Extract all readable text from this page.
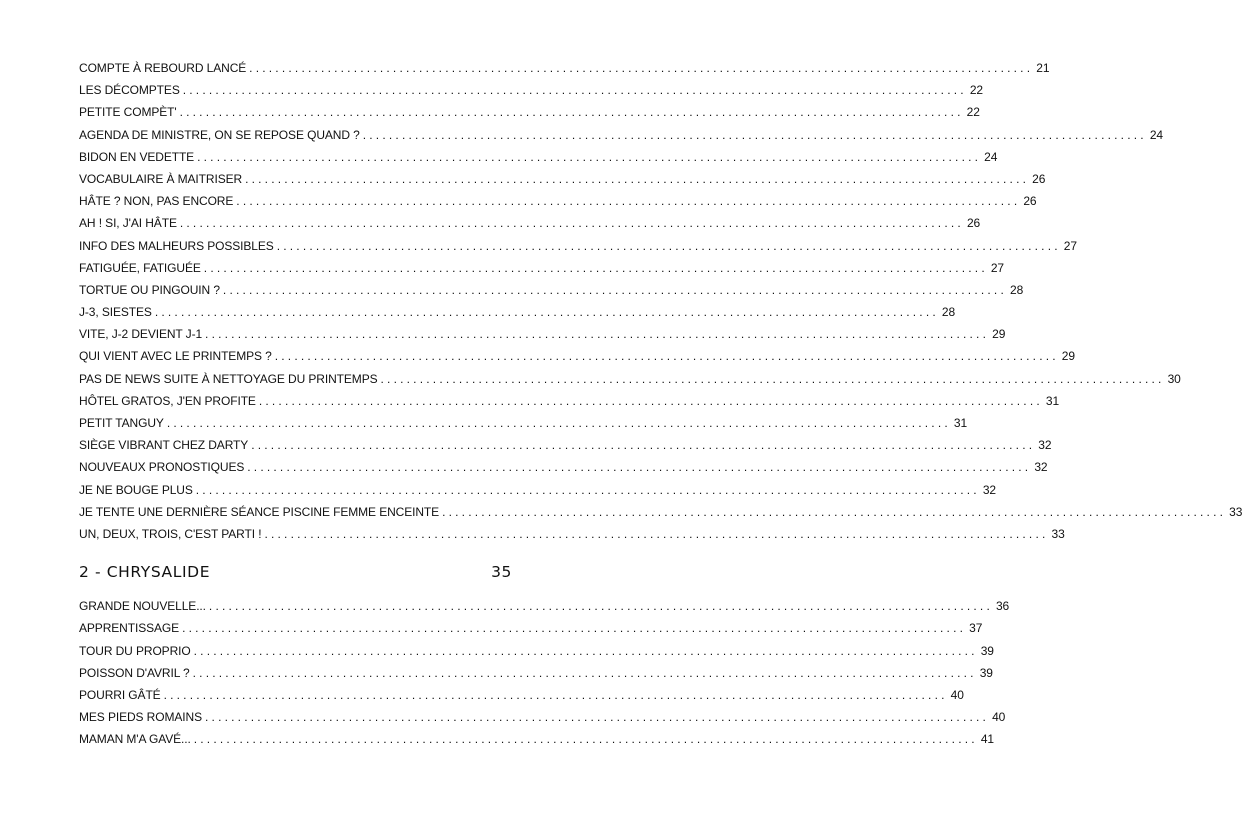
COMPTE À REBOURD LANCÉ ........................................................................................................................ 21
LES DÉCOMPTES ........................................................................................................................ 22
PETITE COMPÈT' ........................................................................................................................ 22
AGENDA DE MINISTRE, ON SE REPOSE QUAND ? ........................................................................................................................ 24
BIDON EN VEDETTE ........................................................................................................................ 24
VOCABULAIRE À MAITRISER ........................................................................................................................ 26
HÂTE ? NON, PAS ENCORE ........................................................................................................................ 26
AH ! SI, J'AI HÂTE ........................................................................................................................ 26
INFO DES MALHEURS POSSIBLES ........................................................................................................................ 27
FATIGUÉE, FATIGUÉE ........................................................................................................................ 27
TORTUE OU PINGOUIN ? ........................................................................................................................ 28
J-3, SIESTES ........................................................................................................................ 28
VITE, J-2 DEVIENT J-1 ........................................................................................................................ 29
QUI VIENT AVEC LE PRINTEMPS ? ........................................................................................................................ 29
PAS DE NEWS SUITE À NETTOYAGE DU PRINTEMPS ........................................................................................................................ 30
HÔTEL GRATOS, J'EN PROFITE ........................................................................................................................ 31
PETIT TANGUY ........................................................................................................................ 31
SIÈGE VIBRANT CHEZ DARTY ........................................................................................................................ 32
NOUVEAUX PRONOSTIQUES ........................................................................................................................ 32
JE NE BOUGE PLUS ........................................................................................................................ 32
JE TENTE UNE DERNIÈRE SÉANCE PISCINE FEMME ENCEINTE ........................................................................................................................ 33
UN, DEUX, TROIS, C'EST PARTI ! ........................................................................................................................ 33
2 - CHRYSALIDE	35
GRANDE NOUVELLE... ........................................................................................................................ 36
APPRENTISSAGE ........................................................................................................................ 37
TOUR DU PROPRIO ........................................................................................................................ 39
POISSON D'AVRIL ? ........................................................................................................................ 39
POURRI GÂTÉ ........................................................................................................................ 40
MES PIEDS ROMAINS ........................................................................................................................ 40
MAMAN M'A GAVÉ... ........................................................................................................................ 41
